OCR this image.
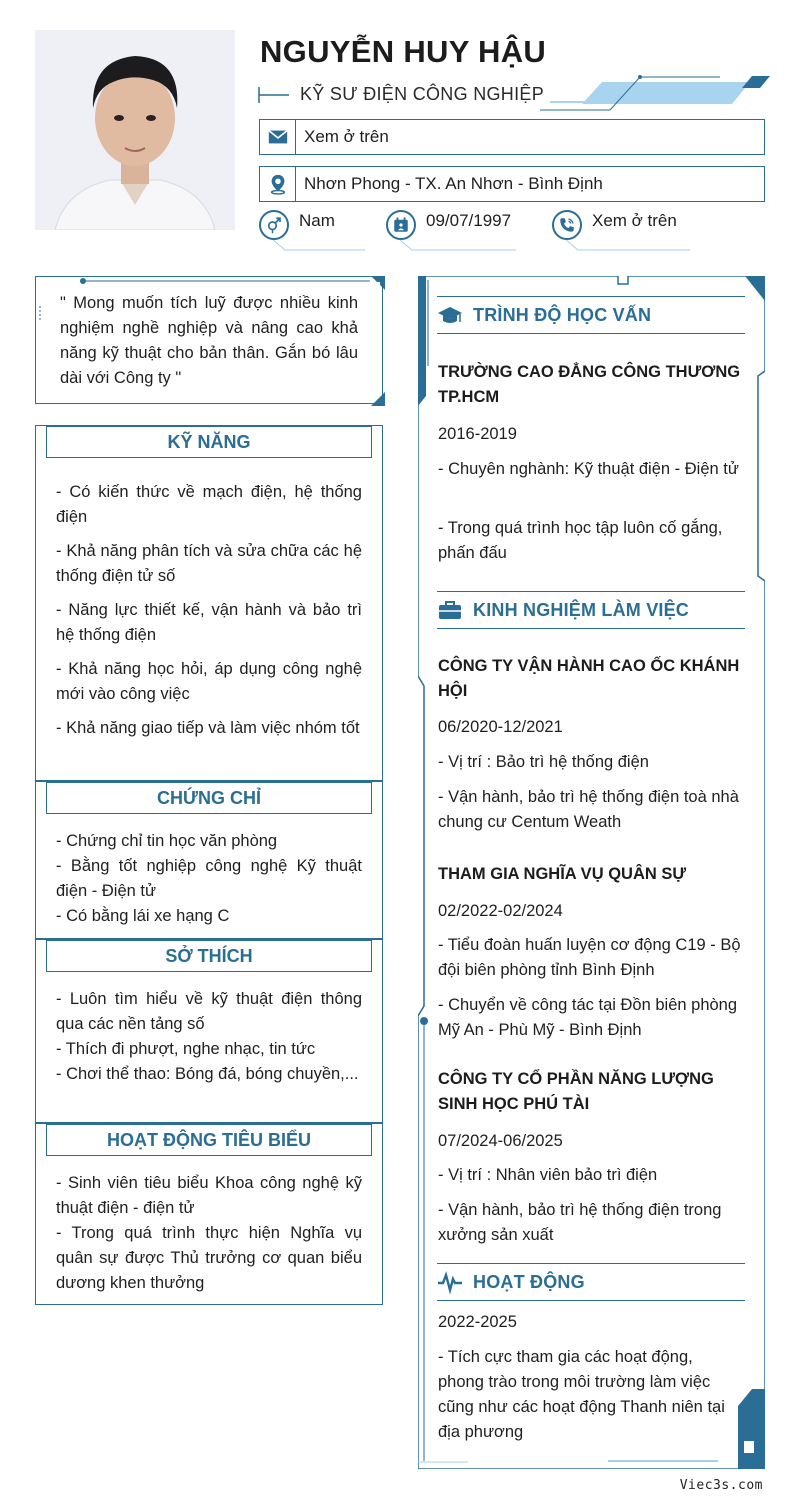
NGUYỄN HUY HẬU
KỸ SƯ ĐIỆN CÔNG NGHIỆP
Xem ở trên
Nhơn Phong - TX. An Nhơn - Bình Định
Nam	09/07/1997	Xem ở trên
" Mong muốn tích luỹ được nhiều kinh nghiệm nghề nghiệp và nâng cao khả năng kỹ thuật cho bản thân. Gắn bó lâu dài với Công ty "
KỸ NĂNG

- Có kiến thức về mạch điện, hệ thống điện

- Khả năng phân tích và sửa chữa các hệ thống điện tử số

- Năng lực thiết kế, vận hành và bảo trì hệ thống điện

- Khả năng học hỏi, áp dụng công nghệ mới vào công việc

- Khả năng giao tiếp và làm việc nhóm tốt

CHỨNG CHỈ

- Chứng chỉ tin học văn phòng

- Bằng tốt nghiệp công nghệ Kỹ thuật điện - Điện tử

- Có bằng lái xe hạng C

SỞ THÍCH

- Luôn tìm hiểu về kỹ thuật điện thông qua các nền tảng số

- Thích đi phượt, nghe nhạc, tin tức

- Chơi thể thao: Bóng đá, bóng chuyền,...

HOẠT ĐỘNG TIÊU BIỂU

- Sinh viên tiêu biểu Khoa công nghệ kỹ thuật điện - điện tử

- Trong quá trình thực hiện Nghĩa vụ quân sự được Thủ trưởng cơ quan biểu dương khen thưởng

TRÌNH ĐỘ HỌC VẤN
TRƯỜNG CAO ĐẲNG CÔNG THƯƠNG TP.HCM
2016-2019
- Chuyên nghành: Kỹ thuật điện - Điện tử
- Trong quá trình học tập luôn cố gắng, phấn đấu
KINH NGHIỆM LÀM VIỆC
CÔNG TY VẬN HÀNH CAO ỐC KHÁNH HỘI
06/2020-12/2021
- Vị trí : Bảo trì hệ thống điện
- Vận hành, bảo trì hệ thống điện toà nhà chung cư Centum Weath
THAM GIA NGHĨA VỤ QUÂN SỰ
02/2022-02/2024
- Tiểu đoàn huấn luyện cơ động C19 - Bộ đội biên phòng tỉnh Bình Định
- Chuyển về công tác tại Đồn biên phòng Mỹ An - Phù Mỹ - Bình Định
CÔNG TY CỔ PHẦN NĂNG LƯỢNG SINH HỌC PHÚ TÀI
07/2024-06/2025
- Vị trí : Nhân viên bảo trì điện
- Vận hành, bảo trì hệ thống điện trong xưởng sản xuất
HOẠT ĐỘNG
2022-2025
- Tích cực tham gia các hoạt động, phong trào trong môi trường làm việc cũng như các hoạt động Thanh niên tại địa phương
Viec3s.com
